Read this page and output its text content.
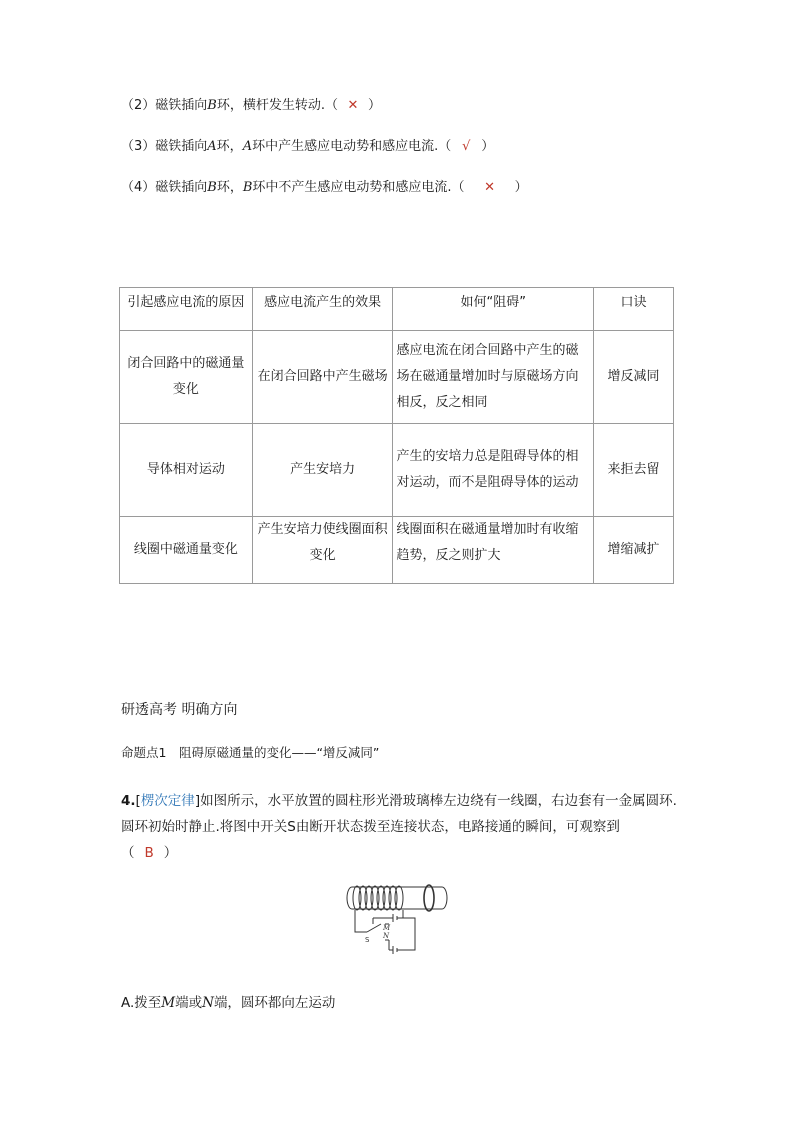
（2）磁铁插向B环，横杆发生转动.（ ✕ ）
（3）磁铁插向A环，A环中产生感应电动势和感应电流.（ √ ）
（4）磁铁插向B环，B环中不产生感应电动势和感应电流.（ ✕ ）
引起感应电流的原因	感应电流产生的效果	如何“阻碍”	口诀
闭合回路中的磁通量变化	在闭合回路中产生磁场	感应电流在闭合回路中产生的磁场在磁通量增加时与原磁场方向相反，反之相同	增反减同
导体相对运动	产生安培力	产生的安培力总是阻碍导体的相对运动，而不是阻碍导体的运动	来拒去留
线圈中磁通量变化	产生安培力使线圈面积变化	线圈面积在磁通量增加时有收缩趋势，反之则扩大	增缩减扩
研透高考 明确方向
命题点1　阻碍原磁通量的变化——“增反减同”
4.[楞次定律]如图所示，水平放置的圆柱形光滑玻璃棒左边绕有一线圈，右边套有一金属圆环.圆环初始时静止.将图中开关S由断开状态拨至连接状态，电路接通的瞬间，可观察到
（ B ）
M
N
S
A.拨至M端或N端，圆环都向左运动
